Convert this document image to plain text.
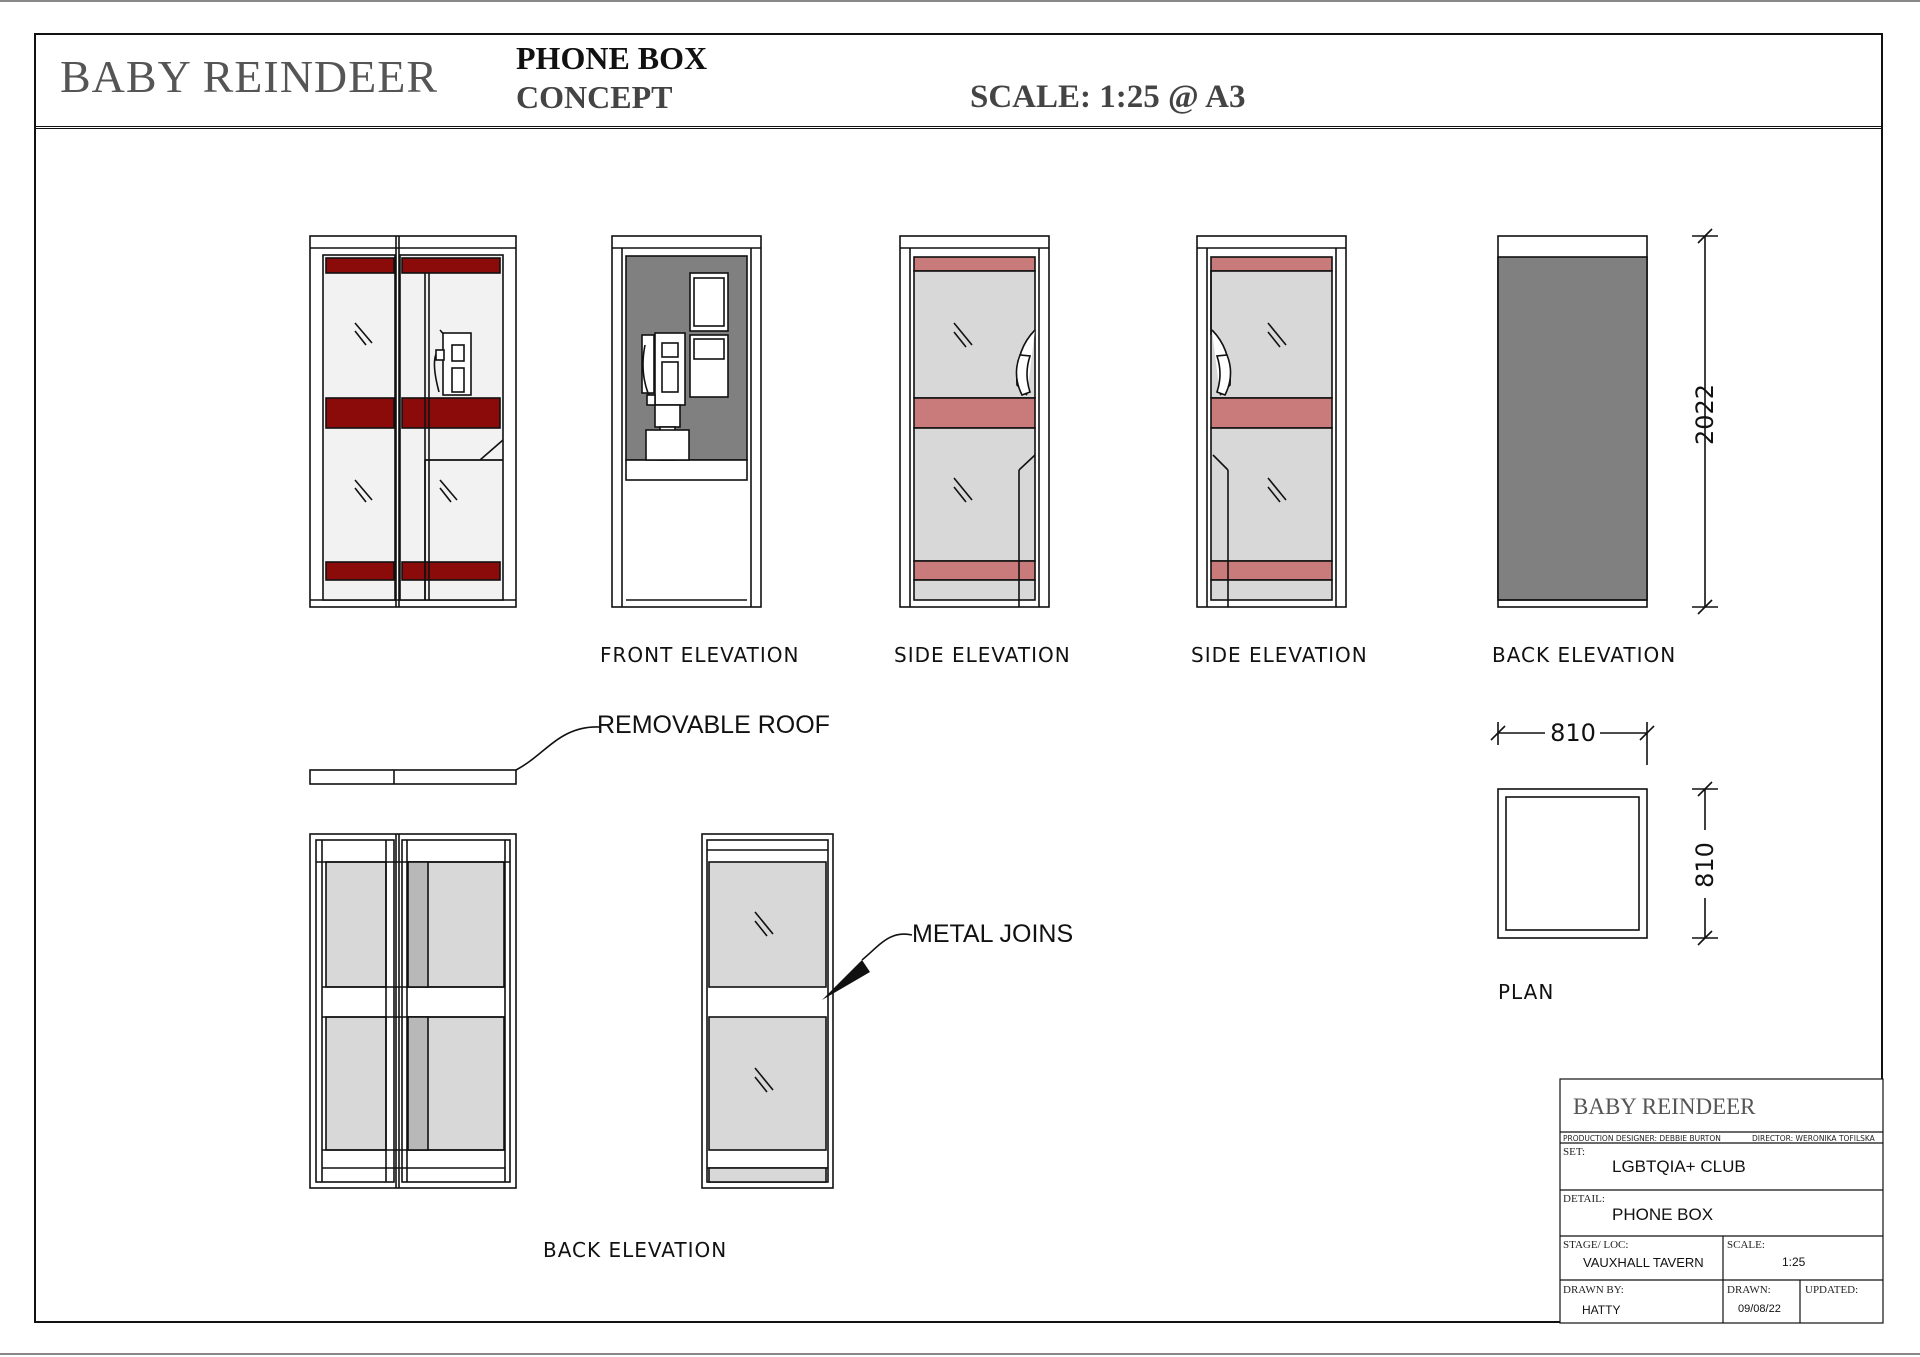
BABY REINDEER PHONE BOX
CONCEPT	SCALE: 1:25 @ A3
FRONT ELEVATION	SIDE ELEVATION	SIDE ELEVATION	BACK ELEVATION
BACK ELEVATION
PLAN
REMOVABLE ROOF
METAL JOINS
2022
810
810
BABY REINDEER
PRODUCTION DESIGNER: DEBBIE BURTON	DIRECTOR: WERONIKA TOFILSKA
SET:
LGBTQIA+ CLUB
DETAIL:
PHONE BOX
STAGE/ LOC:
VAUXHALL TAVERN
SCALE:
1:25
DRAWN BY:
HATTY
DRAWN:
09/08/22
UPDATED:
